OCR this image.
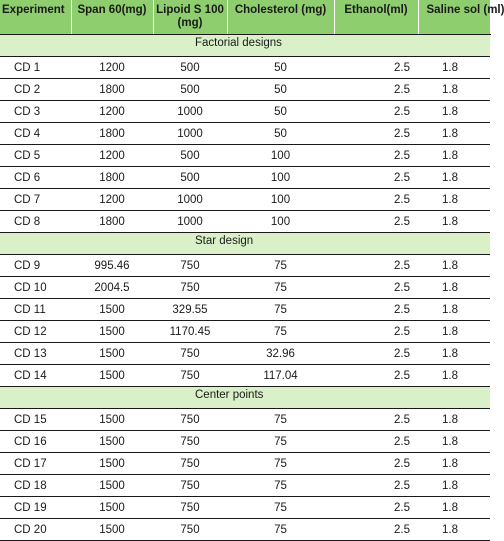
Experiment	Span 60(mg)	Lipoid S 100 (mg)	Cholesterol (mg)	Ethanol(ml)	Saline sol (ml)
Factorial designs					
CD 1	1200	500	50	2.5	1.8
CD 2	1800	500	50	2.5	1.8
CD 3	1200	1000	50	2.5	1.8
CD 4	1800	1000	50	2.5	1.8
CD 5	1200	500	100	2.5	1.8
CD 6	1800	500	100	2.5	1.8
CD 7	1200	1000	100	2.5	1.8
CD 8	1800	1000	100	2.5	1.8
Star design					
CD 9	995.46	750	75	2.5	1.8
CD 10	2004.5	750	75	2.5	1.8
CD 11	1500	329.55	75	2.5	1.8
CD 12	1500	1170.45	75	2.5	1.8
CD 13	1500	750	32.96	2.5	1.8
CD 14	1500	750	117.04	2.5	1.8
Center points					
CD 15	1500	750	75	2.5	1.8
CD 16	1500	750	75	2.5	1.8
CD 17	1500	750	75	2.5	1.8
CD 18	1500	750	75	2.5	1.8
CD 19	1500	750	75	2.5	1.8
CD 20	1500	750	75	2.5	1.8
